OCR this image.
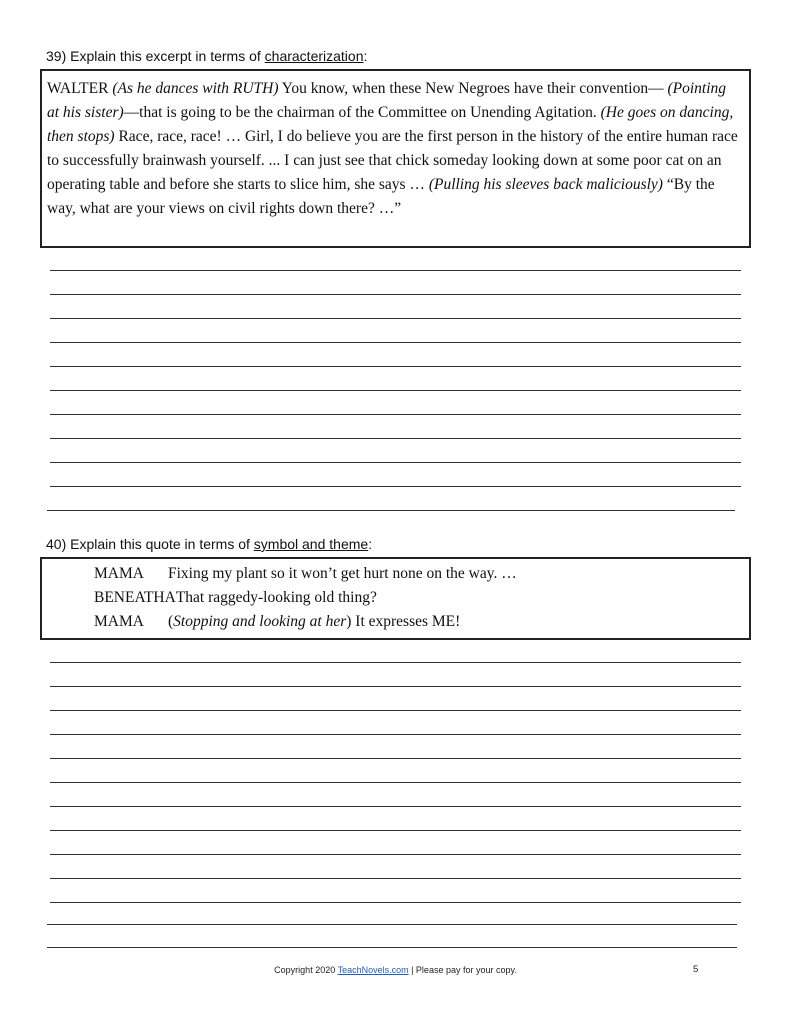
39) Explain this excerpt in terms of characterization:
WALTER (As he dances with RUTH) You know, when these New Negroes have their convention— (Pointing at his sister)—that is going to be the chairman of the Committee on Unending Agitation. (He goes on dancing, then stops) Race, race, race! … Girl, I do believe you are the first person in the history of the entire human race to successfully brainwash yourself. ... I can just see that chick someday looking down at some poor cat on an operating table and before she starts to slice him, she says … (Pulling his sleeves back maliciously) “By the way, what are your views on civil rights down there? …”
40) Explain this quote in terms of symbol and theme:
MAMA Fixing my plant so it won’t get hurt none on the way. …
BENEATHAThat raggedy-looking old thing?
MAMA (Stopping and looking at her) It expresses ME!
Copyright 2020 TeachNovels.com | Please pay for your copy.	5
